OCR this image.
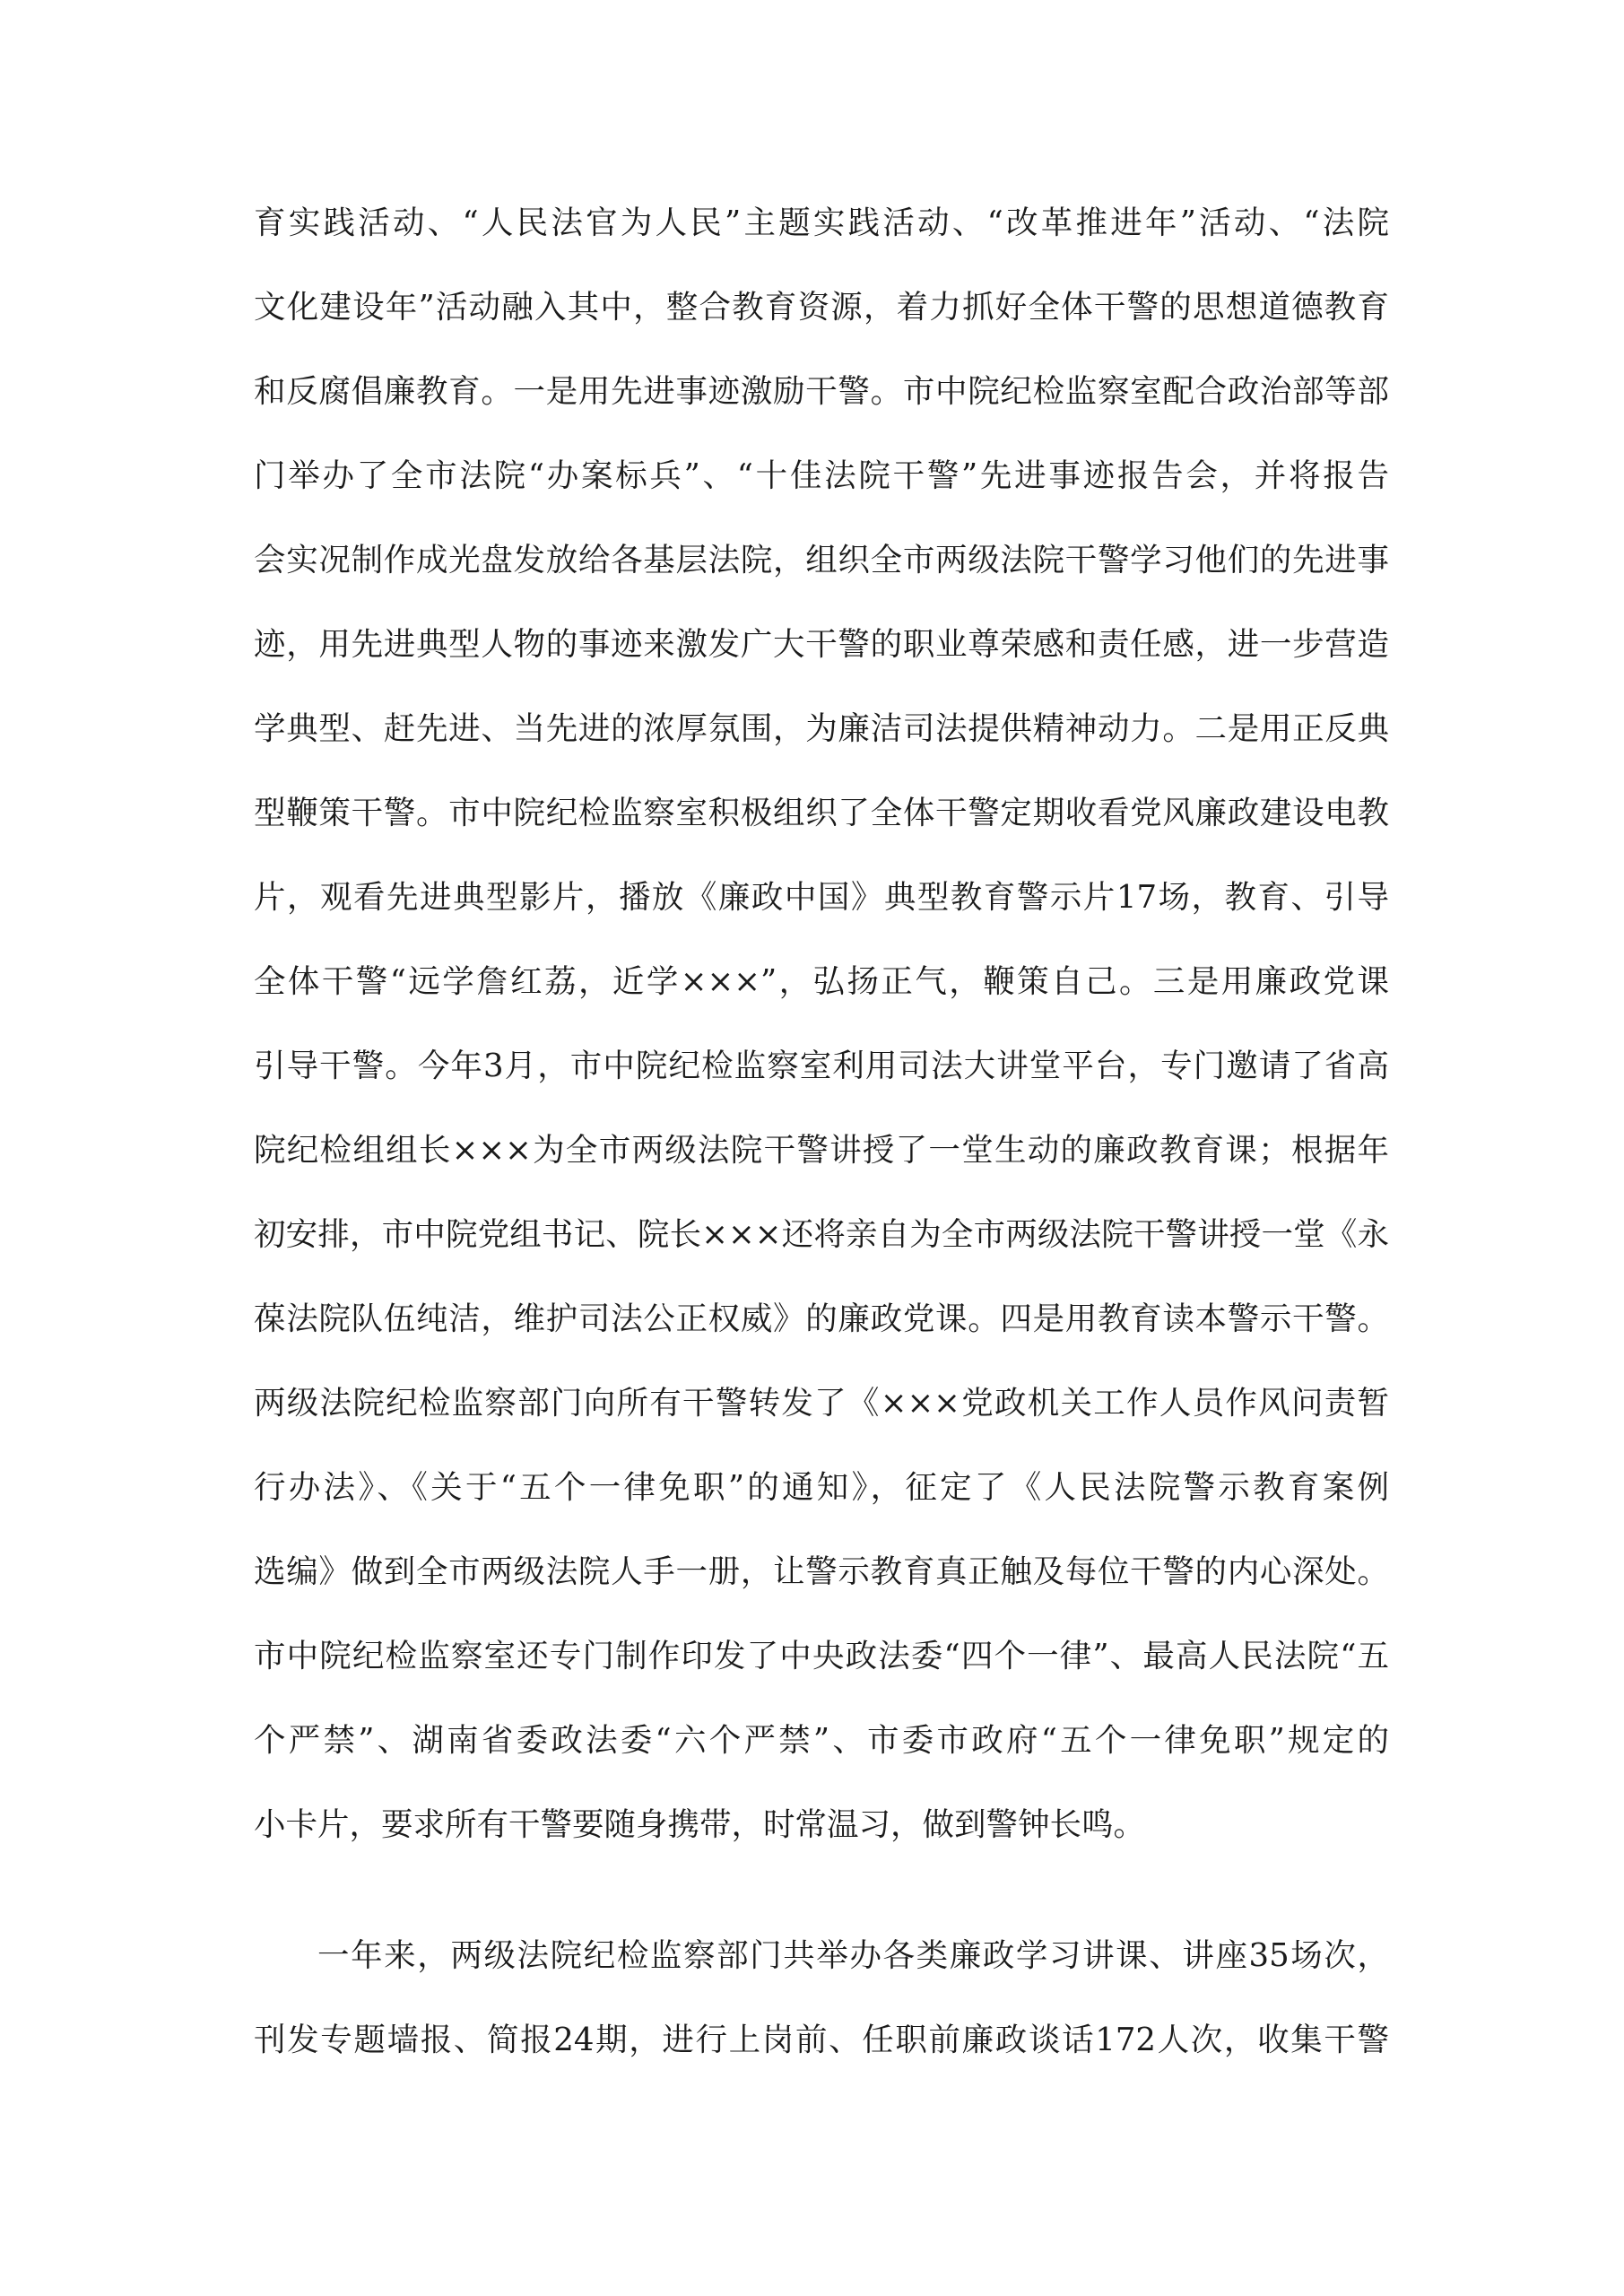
育实践活动、“人民法官为人民”主题实践活动、“改革推进年”活动、“法院
文化建设年”活动融入其中，整合教育资源，着力抓好全体干警的思想道德教育
和反腐倡廉教育。一是用先进事迹激励干警。市中院纪检监察室配合政治部等部
门举办了全市法院“办案标兵”、“十佳法院干警”先进事迹报告会，并将报告
会实况制作成光盘发放给各基层法院，组织全市两级法院干警学习他们的先进事
迹，用先进典型人物的事迹来激发广大干警的职业尊荣感和责任感，进一步营造
学典型、赶先进、当先进的浓厚氛围，为廉洁司法提供精神动力。二是用正反典
型鞭策干警。市中院纪检监察室积极组织了全体干警定期收看党风廉政建设电教
片，观看先进典型影片，播放《廉政中国》典型教育警示片17场，教育、引导
全体干警“远学詹红荔，近学×××”，弘扬正气，鞭策自己。三是用廉政党课
引导干警。今年3月，市中院纪检监察室利用司法大讲堂平台，专门邀请了省高
院纪检组组长×××为全市两级法院干警讲授了一堂生动的廉政教育课；根据年
初安排，市中院党组书记、院长×××还将亲自为全市两级法院干警讲授一堂《永
葆法院队伍纯洁，维护司法公正权威》的廉政党课。四是用教育读本警示干警。
两级法院纪检监察部门向所有干警转发了《×××党政机关工作人员作风问责暂
行办法》、《关于“五个一律免职”的通知》，征定了《人民法院警示教育案例
选编》做到全市两级法院人手一册，让警示教育真正触及每位干警的内心深处。
市中院纪检监察室还专门制作印发了中央政法委“四个一律”、最高人民法院“五
个严禁”、湖南省委政法委“六个严禁”、市委市政府“五个一律免职”规定的
小卡片，要求所有干警要随身携带，时常温习，做到警钟长鸣。
一年来，两级法院纪检监察部门共举办各类廉政学习讲课、讲座35场次，
刊发专题墙报、简报24期，进行上岗前、任职前廉政谈话172人次，收集干警
